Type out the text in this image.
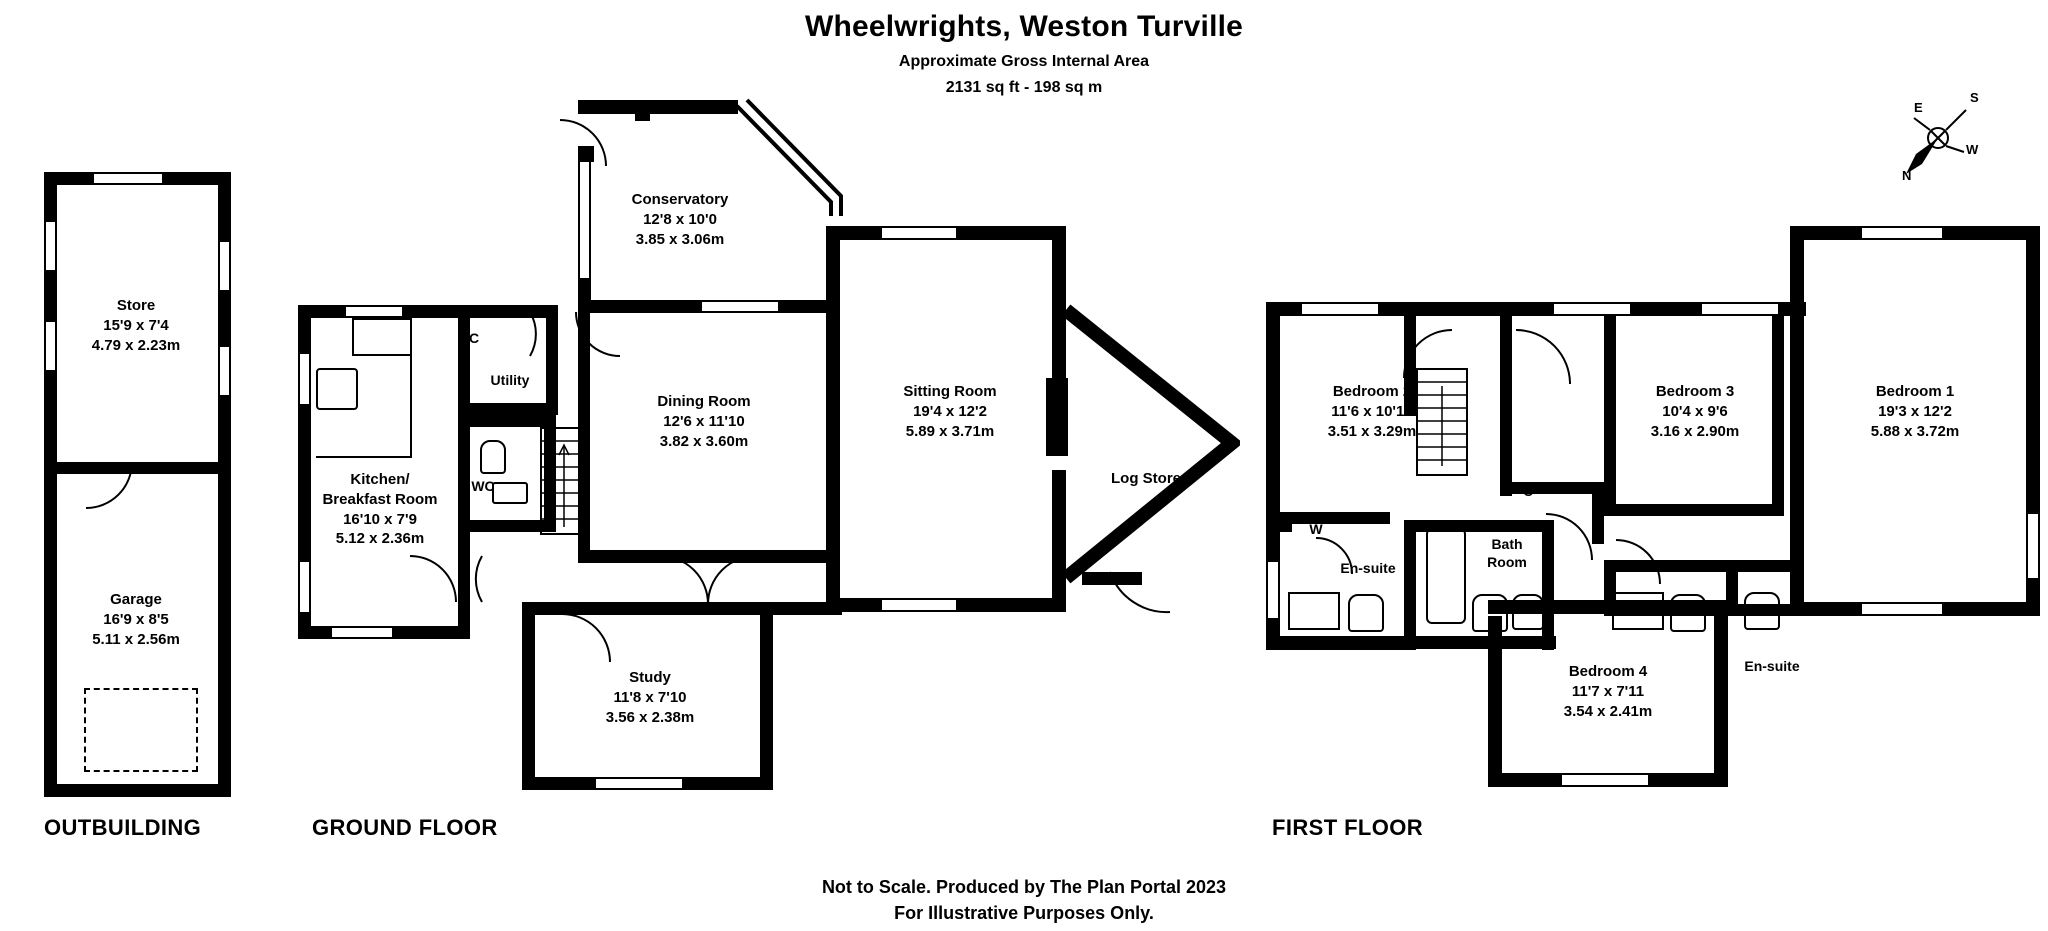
Wheelwrights, Weston Turville
Approximate Gross Internal Area
2131 sq ft - 198 sq m
Store
15'9 x 7'4
4.79 x 2.23m
Garage
16'9 x 8'5
5.11 x 2.56m
OUTBUILDING
Conservatory
12'8 x 10'0
3.85 x 3.06m
Dining Room
12'6 x 11'10
3.82 x 3.60m
Sitting Room
19'4 x 12'2
5.89 x 3.71m
Kitchen/
Breakfast Room
16'10 x 7'9
5.12 x 2.36m
Study
11'8 x 7'10
3.56 x 2.38m
Utility
C
WC	Log Store
GROUND FLOOR
Bedroom 2
11'6 x 10'10
3.51 x 3.29m
Bedroom 3
10'4 x 9'6
3.16 x 2.90m
Bedroom 1
19'3 x 12'2
5.88 x 3.72m
Bedroom 4
11'7 x 7'11
3.54 x 2.41m
W
C
En-suite
Bath
Room
En-suite
FIRST FLOOR
N
E
S
W
Not to Scale. Produced by The Plan Portal 2023
For Illustrative Purposes Only.
